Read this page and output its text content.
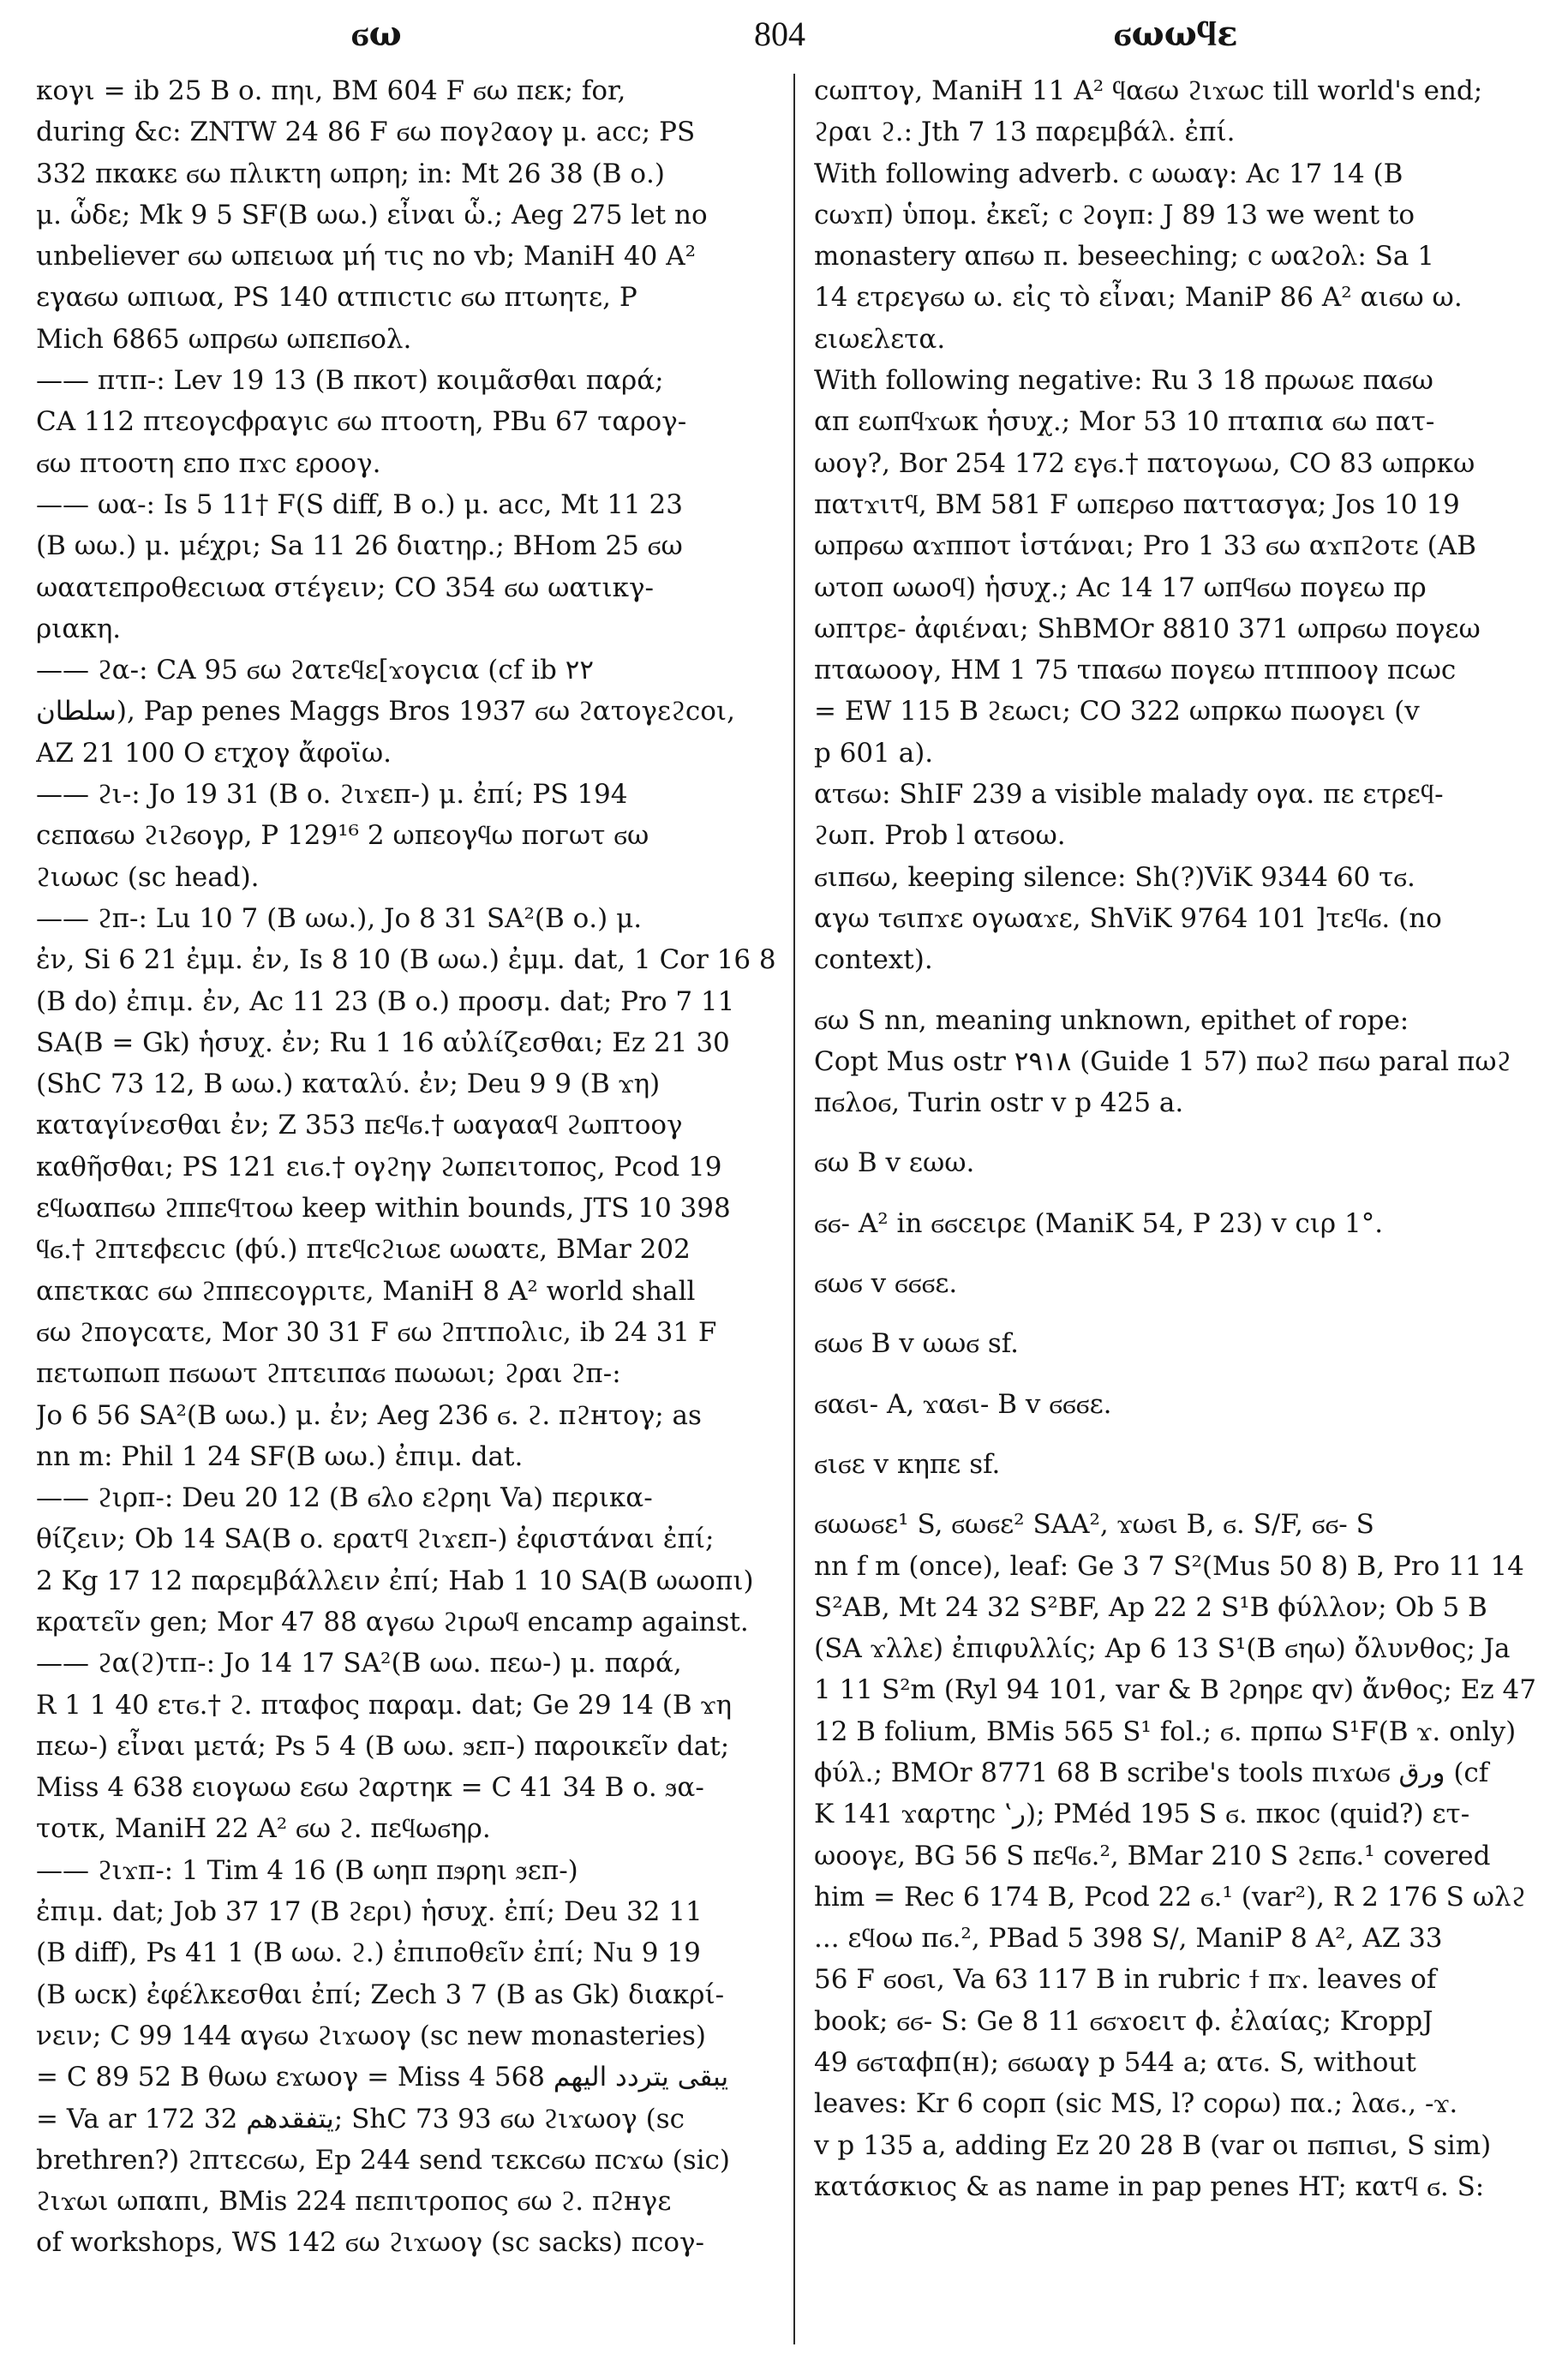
ϭω	804	ϭωωϥε
κογι = ib 25 B ο. πηι, BM 604 F ϭω πεκ; for,
during &c: ZNTW 24 86 F ϭω πογϩαογ μ. acc; PS
332 πκακε ϭω πλικτη ωπρη; in: Mt 26 38 (B ο.)
μ. ὧδε; Mk 9 5 SF(B ωω.) εἶναι ὧ.; Aeg 275 let no
unbeliever ϭω ωπειωα μή τις no vb; ManiH 40 A²
εγαϭω ωπιωα, PS 140 ατπιϲτιϲ ϭω πτωητε, P
Mich 6865 ωπρϭω ωπεπϭολ.
—— πτπ-: Lev 19 13 (B πκοτ) κοιμᾶσθαι παρά;
CA 112 πτεογϲϕραγιϲ ϭω πτοοτη, PBu 67 ταρογ-
ϭω πτοοτη εпо пϫс ερооγ.
—— ωα-: Is 5 11† F(S diff, B ο.) μ. acc, Mt 11 23
(B ωω.) μ. μέχρι; Sa 11 26 διατηρ.; BHom 25 ϭω
ωαατεπροθεϲιωα στέγειν; CO 354 ϭω ωατικγ-
ριακη.
—— ϩα-: CA 95 ϭω ϩατεϥε[ϫογϲια (cf ib ٢٢
سلطان), Pap penes Maggs Bros 1937 ϭω ϩατογεϩϲοι,
AZ 21 100 O ετχογ ἄφοϊω.
—— ϩι-: Jo 19 31 (B ο. ϩιϫεπ-) μ. ἐπί; PS 194
ϲεπαϭω ϩιϩϭογρ, P 129¹⁶ 2 ωπεογϥω ποгωτ ϭω
ϩιωωϲ (sc head).
—— ϩπ-: Lu 10 7 (B ωω.), Jo 8 31 SA²(B ο.) μ.
ἐν, Si 6 21 ἐμμ. ἐν, Is 8 10 (B ωω.) ἐμμ. dat, 1 Cor 16 8
(B do) ἐπιμ. ἐν, Ac 11 23 (B ο.) προσμ. dat; Pro 7 11
SA(B = Gk) ἡσυχ. ἐν; Ru 1 16 αὐλίζεσθαι; Ez 21 30
(ShC 73 12, B ωω.) καταλύ. ἐν; Deu 9 9 (B ϫη)
καταγίνεσθαι ἐν; Z 353 πεϥϭ.† ωαγααϥ ϩωπτοογ
καθῆσθαι; PS 121 ειϭ.† ογϩηγ ϩωπειτοπος, Pcod 19
εϥωαπϭω ϩππεϥτοω keep within bounds, JTS 10 398
ϥϭ.† ϩπτεϕεϲιϲ (ϕύ.) πτεϥϲϩιωε ωωατε, BMar 202
απετκαϲ ϭω ϩππεϲογριτε, ManiH 8 A² world shall
ϭω ϩπογϲατε, Mor 30 31 F ϭω ϩπτπολιϲ, ib 24 31 F
πετωπωπ πϭωωτ ϩπτειπαϭ πωωωι; ϩραι ϩπ-:
Jo 6 56 SA²(B ωω.) μ. ἐν; Aeg 236 ϭ. ϩ. πϩнτογ; as
nn m: Phil 1 24 SF(B ωω.) ἐπιμ. dat.
—— ϩιρπ-: Deu 20 12 (B ϭλο εϩρηι Va) περικα-
θίζειν; Ob 14 SA(B ο. ερατϥ ϩιϫεπ-) ἐφιστάναι ἐπί;
2 Kg 17 12 παρεμβάλλειν ἐπί; Hab 1 10 SA(B ωωοπι)
κρατεῖν gen; Mor 47 88 αγϭω ϩιρωϥ encamp against.
—— ϩα(ϩ)τπ-: Jo 14 17 SA²(B ωω. πεω-) μ. παρά,
R 1 1 40 ετϭ.† ϩ. πταϕος παραμ. dat; Ge 29 14 (B ϫη
πεω-) εἶναι μετά; Ps 5 4 (B ωω. ϧεπ-) παροικεῖν dat;
Miss 4 638 ειογωω εϭω ϩαρτηκ = C 41 34 B ο. ϧα-
τοτκ, ManiH 22 A² ϭω ϩ. πεϥωϭηρ.
—— ϩιϫπ-: 1 Tim 4 16 (B ωηπ πϧρηι ϧεπ-)
ἐπιμ. dat; Job 37 17 (B ϩερι) ἡσυχ. ἐπί; Deu 32 11
(B diff), Ps 41 1 (B ωω. ϩ.) ἐπιποθεῖν ἐπί; Nu 9 19
(B ωcκ) ἐφέλκεσθαι ἐπί; Zech 3 7 (B as Gk) διακρί-
νειν; C 99 144 αγϭω ϩιϫωογ (sc new monasteries)
= C 89 52 B θωω εϫωογ = Miss 4 568 يبقى يتردد اليهم
= Va ar 172 32 يتفقدهم; ShC 73 93 ϭω ϩιϫωογ (sc
brethren?) ϩπτεϲϭω, Ep 244 send τεκϲϭω πϲϫω (sic)
ϩιϫωι ωπαπι, BMis 224 πεπιτροπος ϭω ϩ. πϩнγε
of workshops, WS 142 ϭω ϩιϫωογ (sc sacks) πϲογ-
ϲωπτογ, ManiH 11 A² ϥαϭω ϩιϫωϲ till world's end;
ϩραι ϩ.: Jth 7 13 παρεμβάλ. ἐπί.
With following adverb. c ωωαγ: Ac 17 14 (B
ϲωϫπ) ὑπομ. ἐκεῖ; c ϩογπ: J 89 13 we went to
monastery απϭω π. beseeching; c ωαϩολ: Sa 1
14 ετρεγϭω ω. εἰς τὸ εἶναι; ManiP 86 A² αιϭω ω.
ειωελετα.
With following negative: Ru 3 18 πρωωε παϭω
απ εωπϥϫωκ ἡσυχ.; Mor 53 10 πταπια ϭω πατ-
ωογ?, Bor 254 172 εγϭ.† πατογωω, CO 83 ωπρκω
πατϫιτϥ, BM 581 F ωπερϭο παττασγα; Jos 10 19
ωπρϭω αϫπποτ ἱστάναι; Pro 1 33 ϭω αϫπϩοτε (AB
ωτοп ωωοϥ) ἡσυχ.; Ac 14 17 ωπϥϭω πογεω πρ
ωπτρε- ἀφιέναι; ShBMOr 8810 371 ωπρϭω πογεω
πταωοογ, HM 1 75 τπαϭω πογεω πτπποογ πϲωϲ
= EW 115 B ϩεωϲι; CO 322 ωπρκω πωογει (v
p 601 a).
ατϭω: ShIF 239 a visible malady ογα. πε ετρεϥ-
ϩωπ. Prob l ατϭοω.
ϭιпϭω, keeping silence: Sh(?)ViK 9344 60 τϭ.
αγω τϭιпϫε ογωαϫε, ShViK 9764 101 ]τεϥϭ. (no
context).
ϭω S nn, meaning unknown, epithet of rope:
Copt Mus ostr ٢٩١٨ (Guide 1 57) πωϩ πϭω paral πωϩ
πϭλοϭ, Turin ostr v p 425 a.
ϭω B v εωω.
ϭϭ- A² in ϭϭϲειρε (ManiK 54, P 23) v ϲιρ 1°.
ϭωϭ v ϭϭϭε.
ϭωϭ B v ωωϭ sf.
ϭαϭι- A, ϫαϭι- B v ϭϭϭε.
ϭιϭε v κηπε sf.
ϭωωϭε¹ S, ϭωϭε² SAA², ϫωϭι B, ϭ. S/F, ϭϭ- S
nn f m (once), leaf: Ge 3 7 S²(Mus 50 8) B, Pro 11 14
S²AB, Mt 24 32 S²BF, Ap 22 2 S¹B ϕύλλον; Ob 5 B
(SA ϫλλε) ἐπιφυλλίς; Ap 6 13 S¹(B ϭηω) ὄλυνθος; Ja
1 11 S²m (Ryl 94 101, var & B ϩρηρε qv) ἄνθος; Ez 47
12 B folium, BMis 565 S¹ fol.; ϭ. πρπω S¹F(B ϫ. only)
ϕύλ.; BMOr 8771 68 B scribe's tools πιϫωϭ ورق (cf
K 141 ϫαρτηϲ ‛ر); PMéd 195 S ϭ. πκοϲ (quid?) ετ-
ωοογε, BG 56 S πεϥϭ.², BMar 210 S ϩεπϭ.¹ covered
him = Rec 6 174 B, Pcod 22 ϭ.¹ (var²), R 2 176 S ωλϩ
... εϥοω πϭ.², PBad 5 398 S/, ManiP 8 A², AZ 33
56 F ϭοϭι, Va 63 117 B in rubric ϯ πϫ. leaves of
book; ϭϭ- S: Ge 8 11 ϭϭϫοειτ ϕ. ἐλαίας; KroppJ
49 ϭϭταϕп(н); ϭϭωαγ p 544 a; ατϭ. S, without
leaves: Kr 6 ϲορп (sic MS, l? ϲορω) πα.; λαϭ., -ϫ.
v p 135 a, adding Ez 20 28 B (var οι πϭπιϭι, S sim)
κατάσκιος & as name in pap penes HT; κατϥ ϭ. S:
